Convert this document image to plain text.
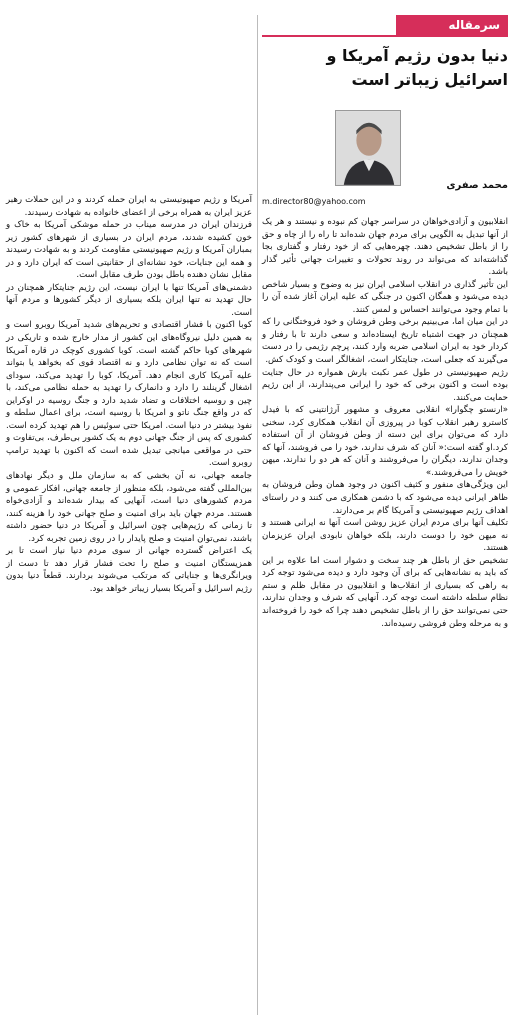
سرمقاله
دنیا بدون رژیم آمریکا و اسرائیل زیباتر است
محمد صفری
m.director80@yahoo.com

انقلابیون و آزادی‌خواهان در سراسر جهان کم نبوده و نیستند و هر یک از آنها تبدیل به الگویی برای مردم جهان شده‌اند تا راه را از چاه و حق را از باطل تشخیص دهند. چهره‌هایی که از خود رفتار و گفتاری بجا گذاشته‌اند که می‌تواند در روند تحولات و تغییرات جهانی تأثیر گذار باشد.

این تأثیر گذاری در انقلاب اسلامی ایران نیز به وضوح و بسیار شاخص دیده می‌شود و همگان اکنون در جنگی که علیه ایران آغاز شده آن را با تمام وجود می‌توانند احساس و لمس کنند.

در این میان اما، می‌بینیم برخی وطن فروشان و خود فروختگانی را که همچنان در جهت اشتباه تاریخ ایستاده‌اند و سعی دارند تا با رفتار و کردار خود به ایران اسلامی ضربه وارد کنند، پرچم رژیمی را در دست می‌گیرند که جعلی است، جنایتکار است، اشغالگر است و کودک کش.

رژیم صهیونیستی در طول عمر نکبت بارش همواره در حال جنایت بوده است و اکنون برخی که خود را ایرانی می‌پندارند، از این رژیم حمایت می‌کنند.

«ارنستو چگوارا» انقلابی معروف و مشهور آرژانتینی که با فیدل کاسترو رهبر انقلاب کوبا در پیروزی آن انقلاب همکاری کرد، سخنی دارد که می‌توان برای این دسته از وطن فروشان از آن استفاده کرد.او گفته است:« آنان که شرف ندارند، خود را می فروشند، آنها که وجدان ندارند، دیگران را می‌فروشند و آنان که هر دو را ندارند، میهن خویش را می‌فروشند.»

این ویژگی‌های منفور و کثیف اکنون در وجود همان وطن فروشان به ظاهر ایرانی دیده می‌شود که با دشمن همکاری می کنند و در راستای اهداف رژیم صهیونیستی و آمریکا گام بر می‌دارند.

تکلیف آنها برای مردم ایران عزیز روشن است آنها نه ایرانی هستند و نه میهن خود را دوست دارند، بلکه خواهان نابودی ایران عزیزمان هستند.

تشخیص حق از باطل هر چند سخت و دشوار است اما علاوه بر این که باید به نشانه‌هایی که برای آن وجود دارد و دیده می‌شود توجه کرد به راهی که بسیاری از انقلاب‌ها و انقلابیون در مقابل ظلم و ستم نظام سلطه داشته است توجه کرد. آنهایی که شرف و وجدان ندارند، حتی نمی‌توانند حق را از باطل تشخیص دهند چرا که خود را فروخته‌اند و به مرحله وطن فروشی رسیده‌اند.

آمریکا و رژیم صهیونیستی به ایران حمله کردند و در این حملات رهبر عزیز ایران به همراه برخی از اعضای خانواده به شهادت رسیدند.

فرزندان ایران در مدرسه میناب در حمله موشکی آمریکا به خاک و خون کشیده شدند، مردم ایران در بسیاری از شهرهای کشور زیر بمباران آمریکا و رژیم صهیونیستی مقاومت کردند و به شهادت رسیدند و همه این جنایات، خود نشانه‌ای از حقانیتی است که ایران دارد و در مقابل نشان دهنده باطل بودن طرف مقابل است.

دشمنی‌های آمریکا تنها با ایران نیست، این رژیم جنایتکار همچنان در حال تهدید نه تنها ایران بلکه بسیاری از دیگر کشورها و مردم آنها است.

کوبا اکنون با فشار اقتصادی و تحریم‌های شدید آمریکا روبرو است و به همین دلیل نیروگاه‌های این کشور از مدار خارج شده و تاریکی در شهرهای کوبا حاکم گشته است. کوبا کشوری کوچک در قاره آمریکا است که نه توان نظامی دارد و نه اقتصاد قوی که بخواهد یا بتواند علیه آمریکا کاری انجام دهد. آمریکا، کوبا را تهدید می‌کند، سودای اشغال گرینلند را دارد و دانمارک را تهدید به حمله نظامی می‌کند، با چین و روسیه اختلافات و تضاد شدید دارد و جنگ روسیه در اوکراین که در واقع جنگ ناتو و امریکا با روسیه است، برای اعمال سلطه و نفوذ بیشتر در دنیا است. امریکا حتی سوئیس را هم تهدید کرده است. کشوری که پس از جنگ جهانی دوم به یک کشور بی‌طرف، بی‌تفاوت و حتی در مواقعی میانجی تبدیل شده است که اکنون با تهدید ترامپ روبرو است.

جامعه جهانی، نه آن بخشی که به سازمان ملل و دیگر نهادهای بین‌المللی گفته می‌شود، بلکه منظور از جامعه جهانی، افکار عمومی و مردم کشورهای دنیا است، آنهایی که بیدار شده‌اند و آزادی‌خواه هستند. مردم جهان باید برای امنیت و صلح جهانی خود را هزینه کنند، تا زمانی که رژیم‌هایی چون اسرائیل و آمریکا در دنیا حضور داشته باشند، نمی‌توان امنیت و صلح پایدار را در روی زمین تجربه کرد.

یک اعتراض گسترده جهانی از سوی مردم دنیا نیاز است تا بر همزیستگان امنیت و صلح را تحت فشار قرار دهد تا دست از ویرانگری‌ها و جنایاتی که مرتکب می‌شوند بردارند. قطعاً دنیا بدون رژیم اسرائیل و آمریکا بسیار زیباتر خواهد بود.
